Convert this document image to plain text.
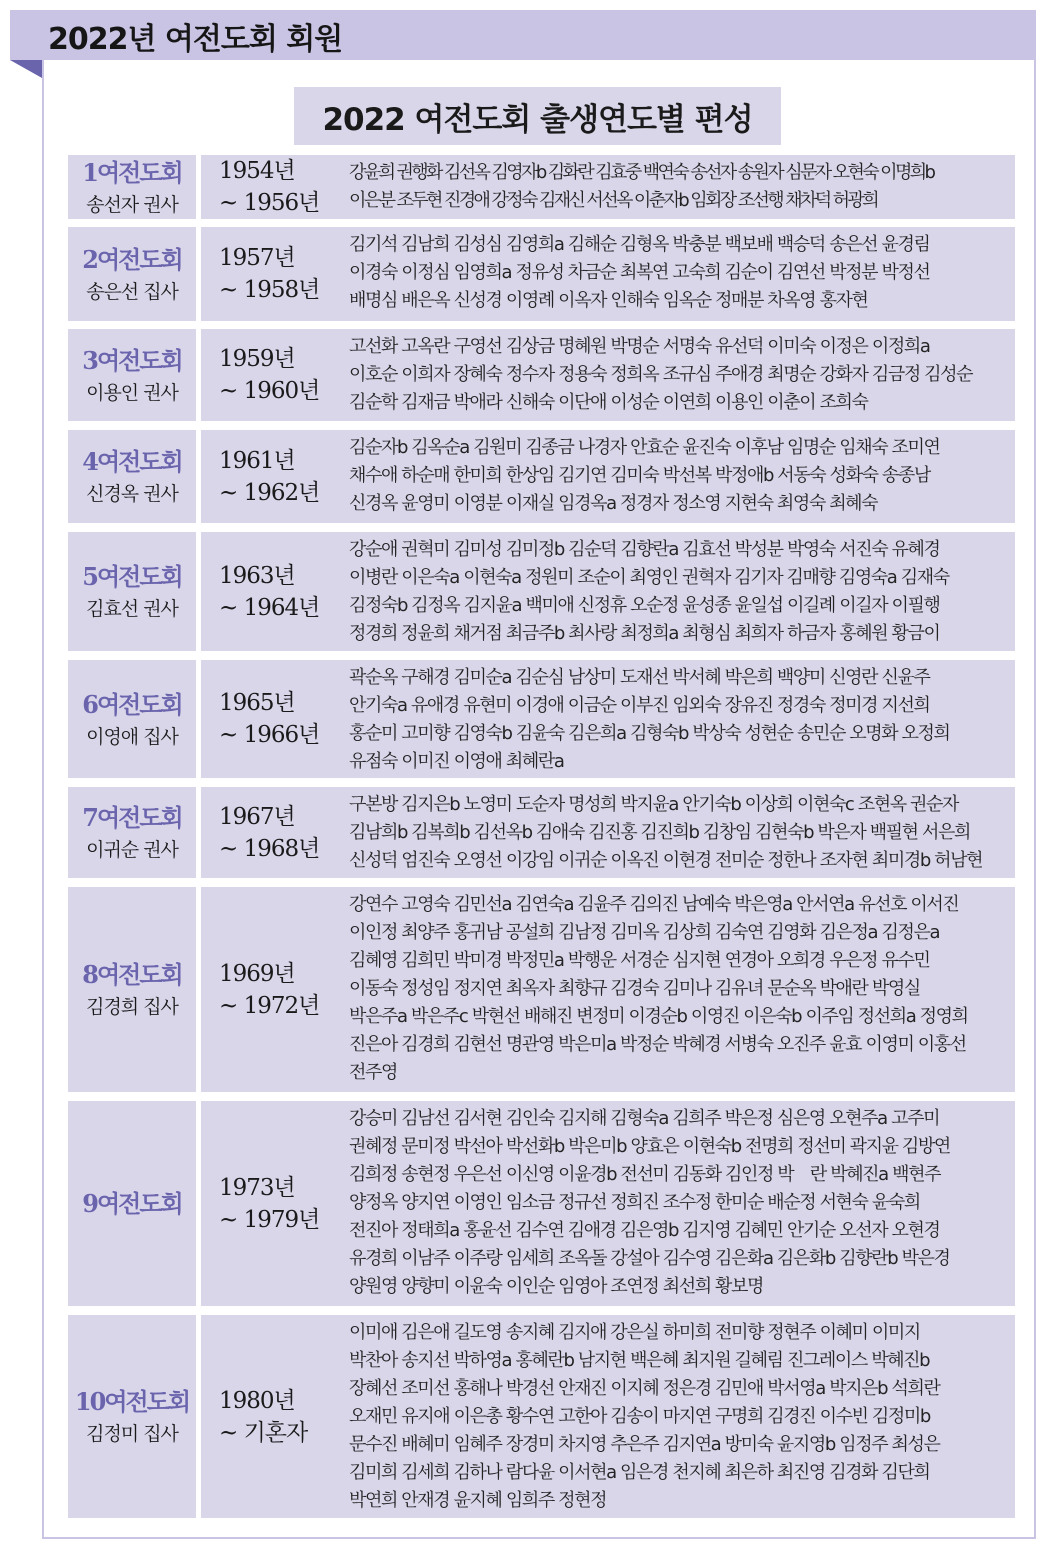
2022년 여전도회 회원
2022 여전도회 출생연도별 편성
1여전도회
송선자 권사
1954년
~ 1956년
강윤희 권행화 김선옥 김영자b 김화란 김효중 백연숙 송선자 송원자 심문자 오현숙 이명희b
이은분 조두현 진경애 강정숙 김재신 서선옥 이춘자b 임회장 조선행 채차덕 허광희
2여전도회
송은선 집사
1957년
~ 1958년
김기석 김남희 김성심 김영희a 김해순 김형옥 박충분 백보배 백승덕 송은선 윤경림
이경숙 이정심 임영희a 정유성 차금순 최복연 고숙희 김순이 김연선 박정분 박정선
배명심 배은옥 신성경 이영례 이옥자 인해숙 임옥순 정매분 차옥영 홍자현
3여전도회
이용인 권사
1959년
~ 1960년
고선화 고옥란 구영선 김상금 명혜원 박명순 서명숙 유선덕 이미숙 이정은 이정희a
이호순 이희자 장혜숙 정수자 정용숙 정희옥 조규심 주애경 최명순 강화자 김금정 김성순
김순학 김재금 박애라 신해숙 이단애 이성순 이연희 이용인 이춘이 조희숙
4여전도회
신경옥 권사
1961년
~ 1962년
김순자b 김옥순a 김원미 김종금 나경자 안효순 윤진숙 이후남 임명순 임채숙 조미연
채수애 하순매 한미희 한상임 김기연 김미숙 박선복 박정애b 서동숙 성화숙 송종남
신경옥 윤영미 이영분 이재실 임경옥a 정경자 정소영 지현숙 최영숙 최혜숙
5여전도회
김효선 권사
1963년
~ 1964년
강순애 권혁미 김미성 김미정b 김순덕 김향란a 김효선 박성분 박영숙 서진숙 유혜경
이병란 이은숙a 이현숙a 정원미 조순이 최영인 권혁자 김기자 김매향 김영숙a 김재숙
김정숙b 김정옥 김지윤a 백미애 신정휴 오순정 윤성종 윤일섭 이길례 이길자 이필행
정경희 정윤희 채거점 최금주b 최사랑 최정희a 최형심 최희자 하금자 홍혜원 황금이
6여전도회
이영애 집사
1965년
~ 1966년
곽순옥 구해경 김미순a 김순심 남상미 도재선 박서혜 박은희 백양미 신영란 신윤주
안기숙a 유애경 유현미 이경애 이금순 이부진 임외숙 장유진 정경숙 정미경 지선희
홍순미 고미향 김영숙b 김윤숙 김은희a 김형숙b 박상숙 성현순 송민순 오명화 오정희
유점숙 이미진 이영애 최혜란a
7여전도회
이귀순 권사
1967년
~ 1968년
구본방 김지은b 노영미 도순자 명성희 박지윤a 안기숙b 이상희 이현숙c 조현옥 권순자
김남희b 김복희b 김선옥b 김애숙 김진홍 김진희b 김창임 김현숙b 박은자 백필현 서은희
신성덕 엄진숙 오영선 이강임 이귀순 이옥진 이현경 전미순 정한나 조자현 최미경b 허남현
8여전도회
김경희 집사
1969년
~ 1972년
강연수 고영숙 김민선a 김연숙a 김윤주 김의진 남예숙 박은영a 안서연a 유선호 이서진
이인정 최양주 홍귀남 공설희 김남정 김미옥 김상희 김숙연 김영화 김은정a 김정은a
김혜영 김희민 박미경 박정민a 박행운 서경순 심지현 연경아 오희경 우은정 유수민
이동숙 정성임 정지연 최옥자 최향규 김경숙 김미나 김유녀 문순옥 박애란 박영실
박은주a 박은주c 박현선 배해진 변정미 이경순b 이영진 이은숙b 이주임 정선희a 정영희
진은아 김경희 김현선 명관영 박은미a 박정순 박혜경 서병숙 오진주 윤효 이영미 이홍선
전주영
9여전도회
1973년
~ 1979년
강승미 김남선 김서현 김인숙 김지해 김형숙a 김희주 박은정 심은영 오현주a 고주미
권혜정 문미정 박선아 박선화b 박은미b 양효은 이현숙b 전명희 정선미 곽지윤 김방연
김희정 송현정 우은선 이신영 이윤경b 전선미 김동화 김인정 박　란 박혜진a 백현주
양정옥 양지연 이영인 임소금 정규선 정희진 조수정 한미순 배순정 서현숙 윤숙희
전진아 정태희a 홍윤선 김수연 김애경 김은영b 김지영 김혜민 안기순 오선자 오현경
유경희 이남주 이주랑 임세희 조옥돌 강설아 김수영 김은화a 김은화b 김향란b 박은경
양원영 양향미 이윤숙 이인순 임영아 조연정 최선희 황보명
10여전도회
김정미 집사
1980년
~ 기혼자
이미애 김은애 길도영 송지혜 김지애 강은실 하미희 전미향 정현주 이혜미 이미지
박찬아 송지선 박하영a 홍혜란b 남지현 백은혜 최지원 길혜림 진그레이스 박혜진b
장혜선 조미선 홍해나 박경선 안재진 이지혜 정은경 김민애 박서영a 박지은b 석희란
오재민 유지애 이은총 황수연 고한아 김송이 마지연 구명희 김경진 이수빈 김정미b
문수진 배혜미 임혜주 장경미 차지영 추은주 김지연a 방미숙 윤지영b 임정주 최성은
김미희 김세희 김하나 람다윤 이서현a 임은경 천지혜 최은하 최진영 김경화 김단희
박연희 안재경 윤지혜 임희주 정현정
